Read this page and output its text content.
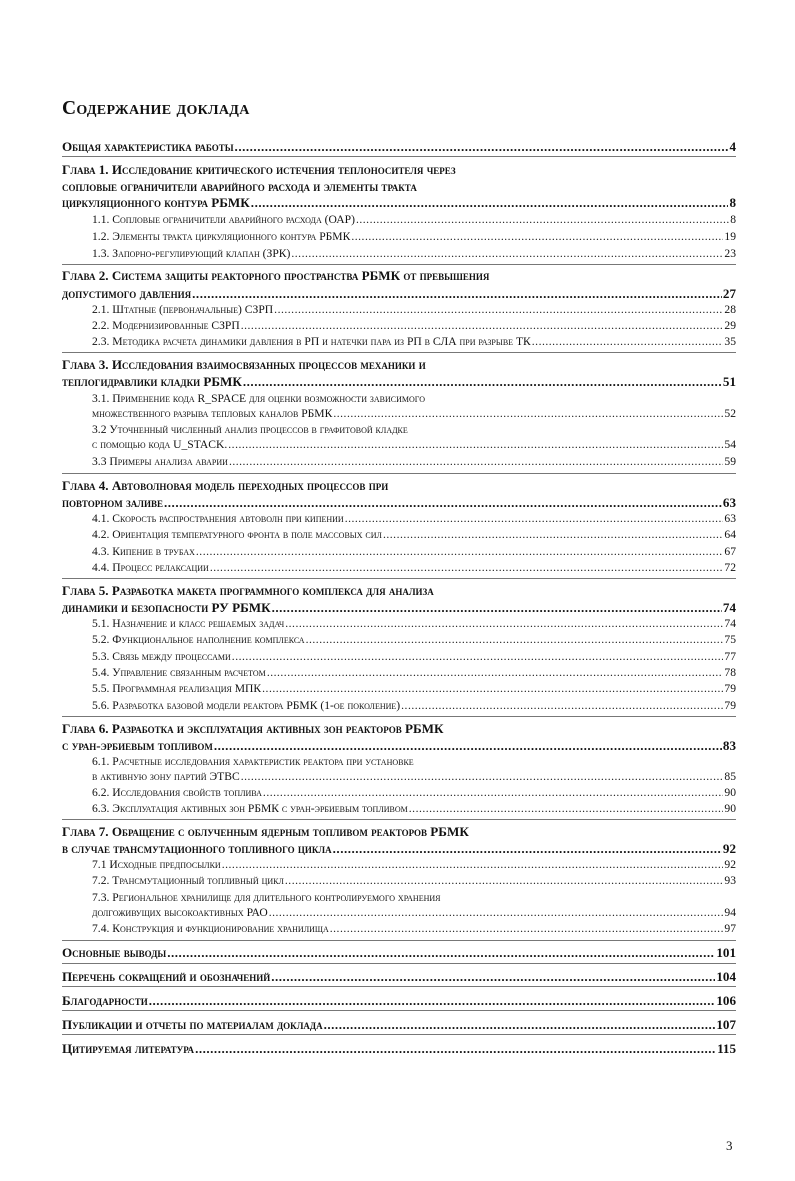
Содержание доклада
Общая характеристика работы .....	4
Глава 1. Исследование критического истечения теплоносителя через
сопловые ограничители аварийного расхода и элементы тракта
циркуляционного контура РБМК .....	8
1.1. Сопловые ограничители аварийного расхода (ОАР) .....	8
1.2. Элементы тракта циркуляционного контура РБМК .....	19
1.3. Запорно-регулирующий клапан (ЗРК) .....	23
Глава 2. Система защиты реакторного пространства РБМК от превышения
допустимого давления .....	27
2.1. Штатные (первоначальные) СЗРП .....	28
2.2. Модернизированные СЗРП .....	29
2.3. Методика расчета динамики давления в РП и натечки пара из РП в СЛА при разрыве ТК .....	35
Глава 3. Исследования взаимосвязанных процессов механики и
теплогидравлики кладки РБМК .....	51
3.1. Применение кода R_SPACE для оценки возможности зависимого
множественного разрыва тепловых каналов РБМК .....	52
3.2 Уточненный численный анализ процессов в графитовой кладке
с помощью кода U_STACK. .....	54
3.3 Примеры анализа аварии .....	59
Глава 4. Автоволновая модель переходных процессов при
повторном заливе .....	63
4.1. Скорость распространения автоволн при кипении .....	63
4.2. Ориентация температурного фронта в поле массовых сил .....	64
4.3. Кипение в трубах .....	67
4.4. Процесс релаксации .....	72
Глава 5. Разработка макета программного комплекса для анализа
динамики и безопасности РУ РБМК .....	74
5.1. Назначение и класс решаемых задач .....	74
5.2. Функциональное наполнение комплекса .....	75
5.3. Связь между процессами .....	77
5.4. Управление связанным расчетом .....	78
5.5. Программная реализация МПК .....	79
5.6. Разработка базовой модели реактора РБМК (1-ое поколение) .....	79
Глава 6. Разработка и эксплуатация активных зон реакторов РБМК
с уран-эрбиевым топливом .....	83
6.1. Расчетные исследования характеристик реактора при установке
в активную зону партий ЭТВС .....	85
6.2. Исследования свойств топлива .....	90
6.3. Эксплуатация активных зон РБМК с уран-эрбиевым топливом .....	90
Глава 7. Обращение с облученным ядерным топливом реакторов РБМК
в случае трансмутационного топливного цикла .....	92
7.1 Исходные предпосылки .....	92
7.2. Трансмутационный топливный цикл .....	93
7.3. Региональное хранилище для длительного контролируемого хранения
долгоживущих высокоактивных РАО .....	94
7.4. Конструкция и функционирование хранилища .....	97
Основные выводы .....	101
Перечень сокращений и обозначений .....	104
Благодарности .....	106
Публикации и отчеты по материалам доклада .....	107
Цитируемая литература .....	115
3
